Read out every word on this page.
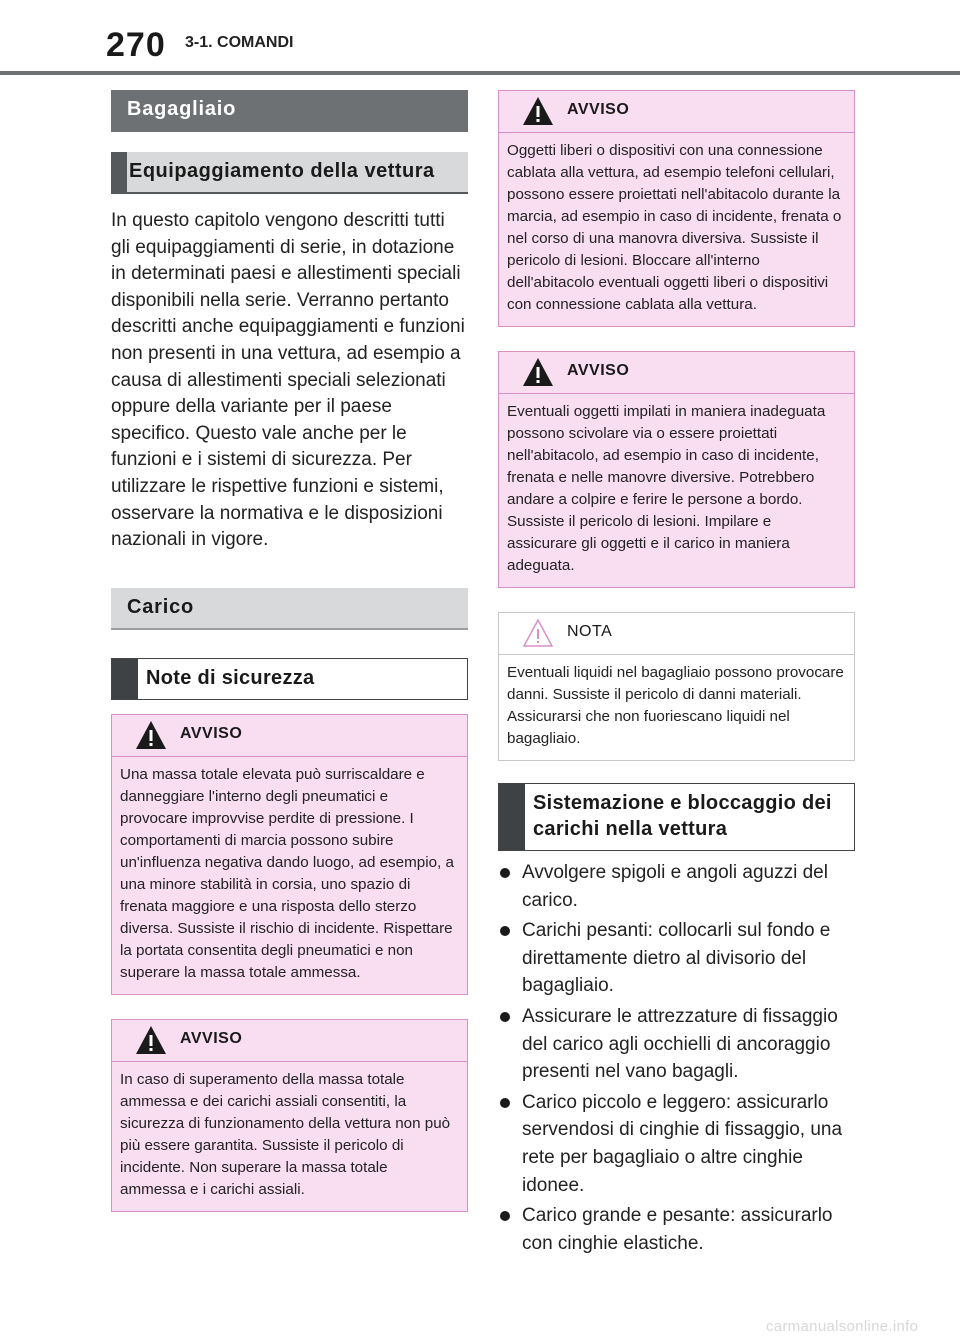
270 3-1. COMANDI
Bagagliaio
Equipaggiamento della vettura

In questo capitolo vengono descritti tutti gli equipaggiamenti di serie, in dotazione in determinati paesi e allestimenti speciali disponibili nella serie. Verranno pertanto descritti anche equipaggiamenti e funzioni non presenti in una vettura, ad esempio a causa di allestimenti speciali selezionati oppure della variante per il paese specifico. Questo vale anche per le funzioni e i sistemi di sicurezza. Per utilizzare le rispettive funzioni e sistemi, osservare la normativa e le disposizioni nazionali in vigore.

Carico
Note di sicurezza
AVVISO
Una massa totale elevata può surriscaldare e danneggiare l'interno degli pneumatici e provocare improvvise perdite di pressione. I comportamenti di marcia possono subire un'influenza negativa dando luogo, ad esempio, a una minore stabilità in corsia, uno spazio di frenata maggiore e una risposta dello sterzo diversa. Sussiste il rischio di incidente. Rispettare la portata consentita degli pneumatici e non superare la massa totale ammessa.
AVVISO
In caso di superamento della massa totale ammessa e dei carichi assiali consentiti, la sicurezza di funzionamento della vettura non può più essere garantita. Sussiste il pericolo di incidente. Non superare la massa totale ammessa e i carichi assiali.
AVVISO
Oggetti liberi o dispositivi con una connessione cablata alla vettura, ad esempio telefoni cellulari, possono essere proiettati nell'abitacolo durante la marcia, ad esempio in caso di incidente, frenata o nel corso di una manovra diversiva. Sussiste il pericolo di lesioni. Bloccare all'interno dell'abitacolo eventuali oggetti liberi o dispositivi con connessione cablata alla vettura.
AVVISO
Eventuali oggetti impilati in maniera inadeguata possono scivolare via o essere proiettati nell'abitacolo, ad esempio in caso di incidente, frenata e nelle manovre diversive. Potrebbero andare a colpire e ferire le persone a bordo. Sussiste il pericolo di lesioni. Impilare e assicurare gli oggetti e il carico in maniera adeguata.
NOTA
Eventuali liquidi nel bagagliaio possono provocare danni. Sussiste il pericolo di danni materiali. Assicurarsi che non fuoriescano liquidi nel bagagliaio.
Sistemazione e bloccaggio dei carichi nella vettura
Avvolgere spigoli e angoli aguzzi del carico.
Carichi pesanti: collocarli sul fondo e direttamente dietro al divisorio del bagagliaio.
Assicurare le attrezzature di fissaggio del carico agli occhielli di ancoraggio presenti nel vano bagagli.
Carico piccolo e leggero: assicurarlo servendosi di cinghie di fissaggio, una rete per bagagliaio o altre cinghie idonee.
Carico grande e pesante: assicurarlo con cinghie elastiche.
carmanualsonline.info
